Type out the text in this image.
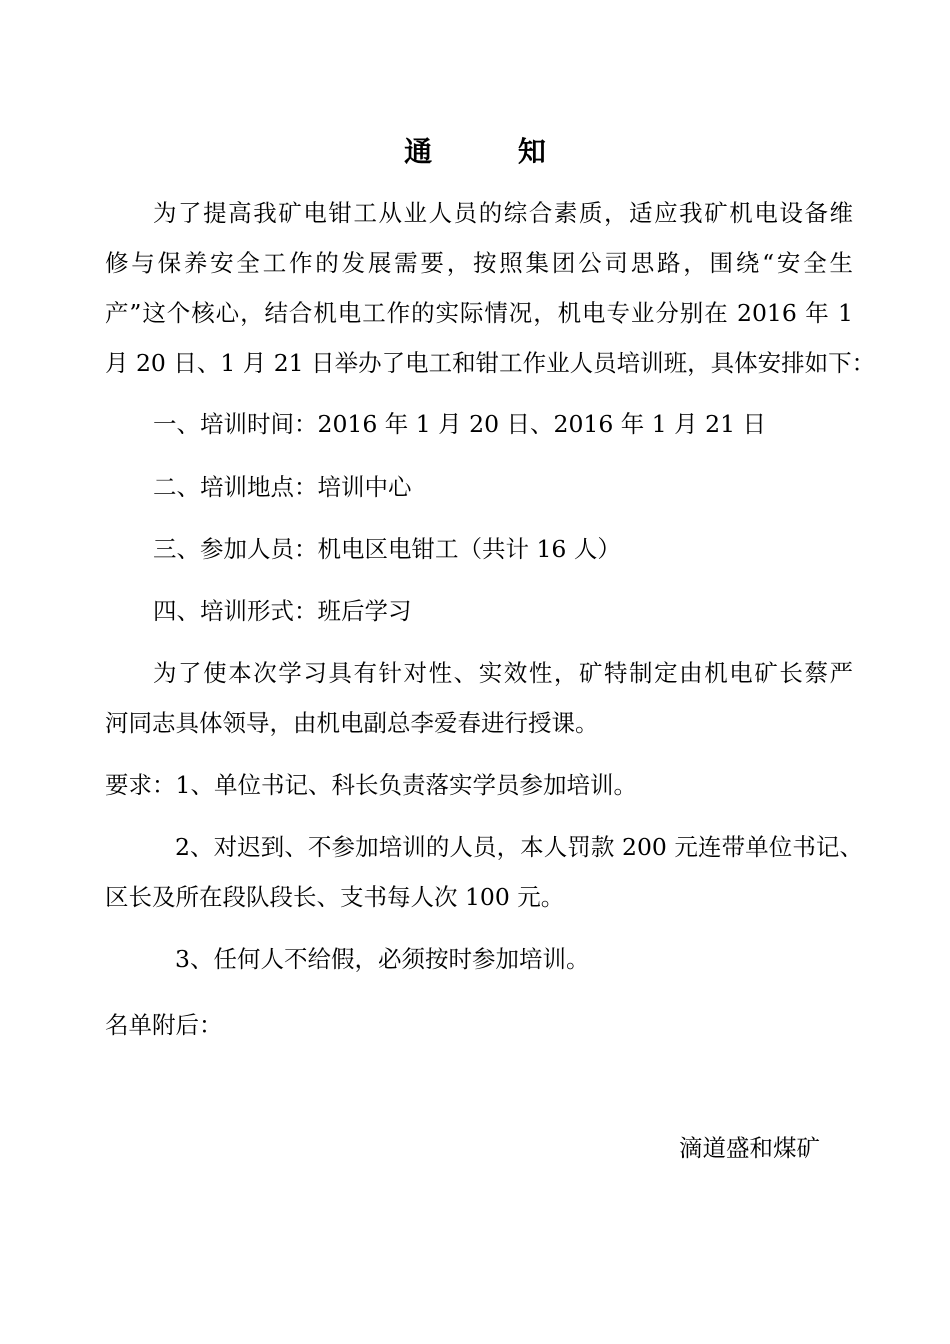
通 知
为了提高我矿电钳工从业人员的综合素质，适应我矿机电设备维
修与保养安全工作的发展需要，按照集团公司思路，围绕“安全生
产”这个核心，结合机电工作的实际情况，机电专业分别在 2016 年 1
月 20 日、1 月 21 日举办了电工和钳工作业人员培训班，具体安排如下：
一、培训时间：2016 年 1 月 20 日、2016 年 1 月 21 日
二、培训地点：培训中心
三、参加人员：机电区电钳工（共计 16 人）
四、培训形式：班后学习
为了使本次学习具有针对性、实效性，矿特制定由机电矿长蔡严
河同志具体领导，由机电副总李爱春进行授课。
要求：1、单位书记、科长负责落实学员参加培训。
2、对迟到、不参加培训的人员，本人罚款 200 元连带单位书记、
区长及所在段队段长、支书每人次 100 元。
3、任何人不给假，必须按时参加培训。
名单附后：
滴道盛和煤矿
